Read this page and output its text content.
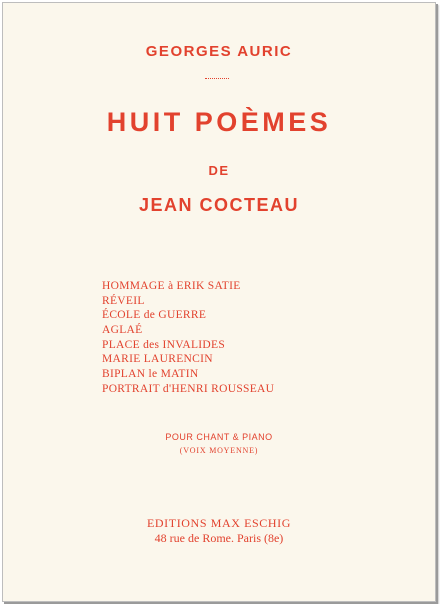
GEORGES AURIC
HUIT POÈMES
DE
JEAN COCTEAU
HOMMAGE à ERIK SATIE
RÉVEIL
ÉCOLE de GUERRE
AGLAÉ
PLACE des INVALIDES
MARIE LAURENCIN
BIPLAN le MATIN
PORTRAIT d'HENRI ROUSSEAU
POUR CHANT & PIANO
(VOIX MOYENNE)
EDITIONS MAX ESCHIG
48 rue de Rome. Paris (8e)
